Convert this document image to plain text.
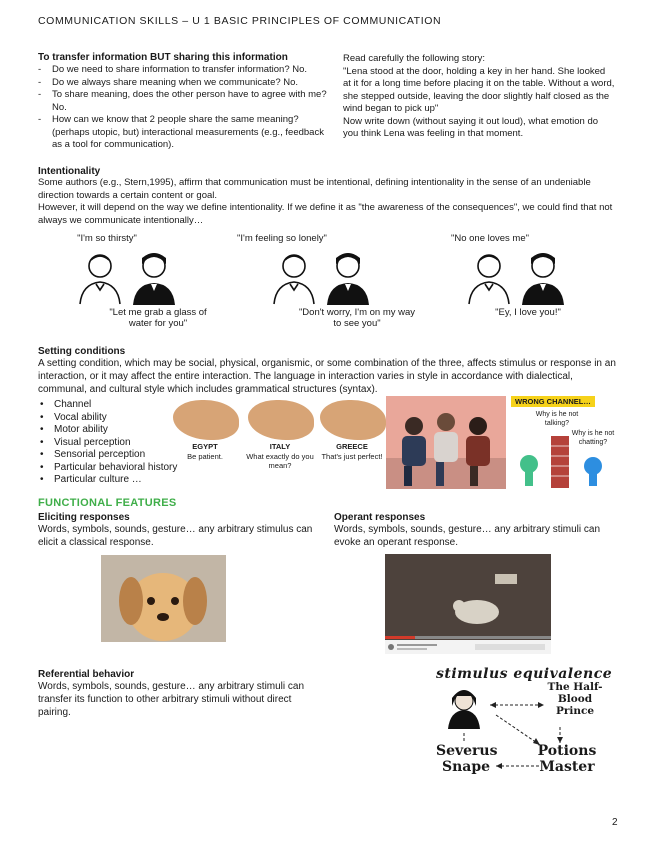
COMMUNICATION SKILLS – U 1 BASIC PRINCIPLES OF COMMUNICATION
To transfer information BUT sharing this information
- Do we need to share information to transfer information? No.
- Do we always share meaning when we communicate? No.
- To share meaning, does the other person have to agree with me? No.
- How can we know that 2 people share the same meaning? (perhaps utopic, but) interactional measurements (e.g., feedback as a tool for communication).
Read carefully the following story:
"Lena stood at the door, holding a key in her hand. She looked at it for a long time before placing it on the table. Without a word, she stepped outside, leaving the door slightly half closed as the wind began to pick up"
Now write down (without saying it out loud), what emotion do you think Lena was feeling in that moment.
Intentionality
Some authors (e.g., Stern,1995), affirm that communication must be intentional, defining intentionality in the sense of an undeniable direction towards a certain content or goal.
However, it will depend on the way we define intentionality. If we define it as "the awareness of the consequences", we could find that not always we communicate intentionally…
"I'm so thirsty"	"I'm feeling so lonely"	"No one loves me"
"Let me grab a glass of water for you"
"Don't worry, I'm on my way to see you"
"Ey, I love you!"
Setting conditions
A setting condition, which may be social, physical, organismic, or some combination of the three, affects stimulus or response in an interaction, or it may affect the entire interaction. The language in interaction varies in style in accordance with dialectical, communal, and cultural style which includes grammatical structures (syntax).
• Channel
• Vocal ability
• Motor ability
• Visual perception
• Sensorial perception
• Particular behavioral history
• Particular culture …
EGYPT
Be patient.
ITALY
What exactly do you mean?
GREECE
That's just perfect!
WRONG CHANNEL…
Why is he not talking?
Why is he not chatting?
FUNCTIONAL FEATURES
Eliciting responses
Words, symbols, sounds, gesture… any arbitrary stimulus can elicit a classical response.
Operant responses
Words, symbols, sounds, gesture… any arbitrary stimuli can evoke an operant response.
Referential behavior
Words, symbols, sounds, gesture… any arbitrary stimuli can transfer its function to other arbitrary stimuli without direct pairing.
stimulus equivalence
The Half-Blood Prince
Severus Snape
Potions Master
2
